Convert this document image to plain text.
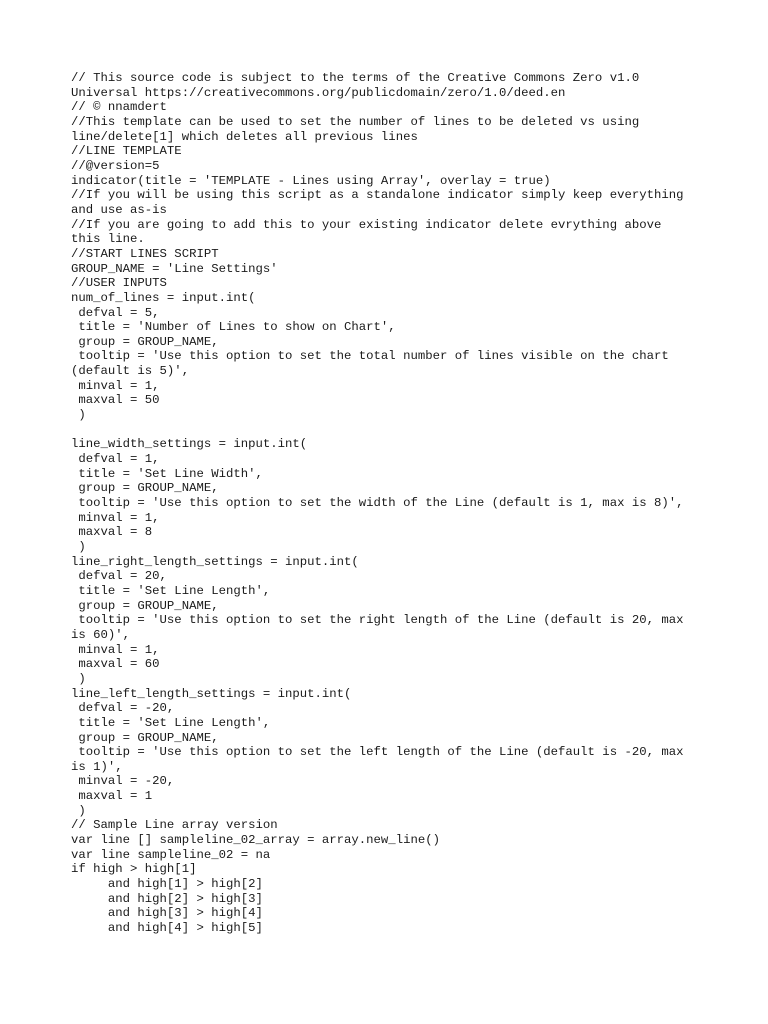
// This source code is subject to the terms of the Creative Commons Zero v1.0
Universal https://creativecommons.org/publicdomain/zero/1.0/deed.en
// © nnamdert
//This template can be used to set the number of lines to be deleted vs using
line/delete[1] which deletes all previous lines
//LINE TEMPLATE
//@version=5
indicator(title = 'TEMPLATE - Lines using Array', overlay = true)
//If you will be using this script as a standalone indicator simply keep everything
and use as-is
//If you are going to add this to your existing indicator delete evrything above
this line.
//START LINES SCRIPT
GROUP_NAME = 'Line Settings'
//USER INPUTS
num_of_lines = input.int(
defval = 5,
title = 'Number of Lines to show on Chart',
group = GROUP_NAME,
tooltip = 'Use this option to set the total number of lines visible on the chart
(default is 5)',
minval = 1,
maxval = 50
)
line_width_settings = input.int(
defval = 1,
title = 'Set Line Width',
group = GROUP_NAME,
tooltip = 'Use this option to set the width of the Line (default is 1, max is 8)',
minval = 1,
maxval = 8
)
line_right_length_settings = input.int(
defval = 20,
title = 'Set Line Length',
group = GROUP_NAME,
tooltip = 'Use this option to set the right length of the Line (default is 20, max
is 60)',
minval = 1,
maxval = 60
)
line_left_length_settings = input.int(
defval = -20,
title = 'Set Line Length',
group = GROUP_NAME,
tooltip = 'Use this option to set the left length of the Line (default is -20, max
is 1)',
minval = -20,
maxval = 1
)
// Sample Line array version
var line [] sampleline_02_array = array.new_line()
var line sampleline_02 = na
if high > high[1]
and high[1] > high[2]
and high[2] > high[3]
and high[3] > high[4]
and high[4] > high[5]
